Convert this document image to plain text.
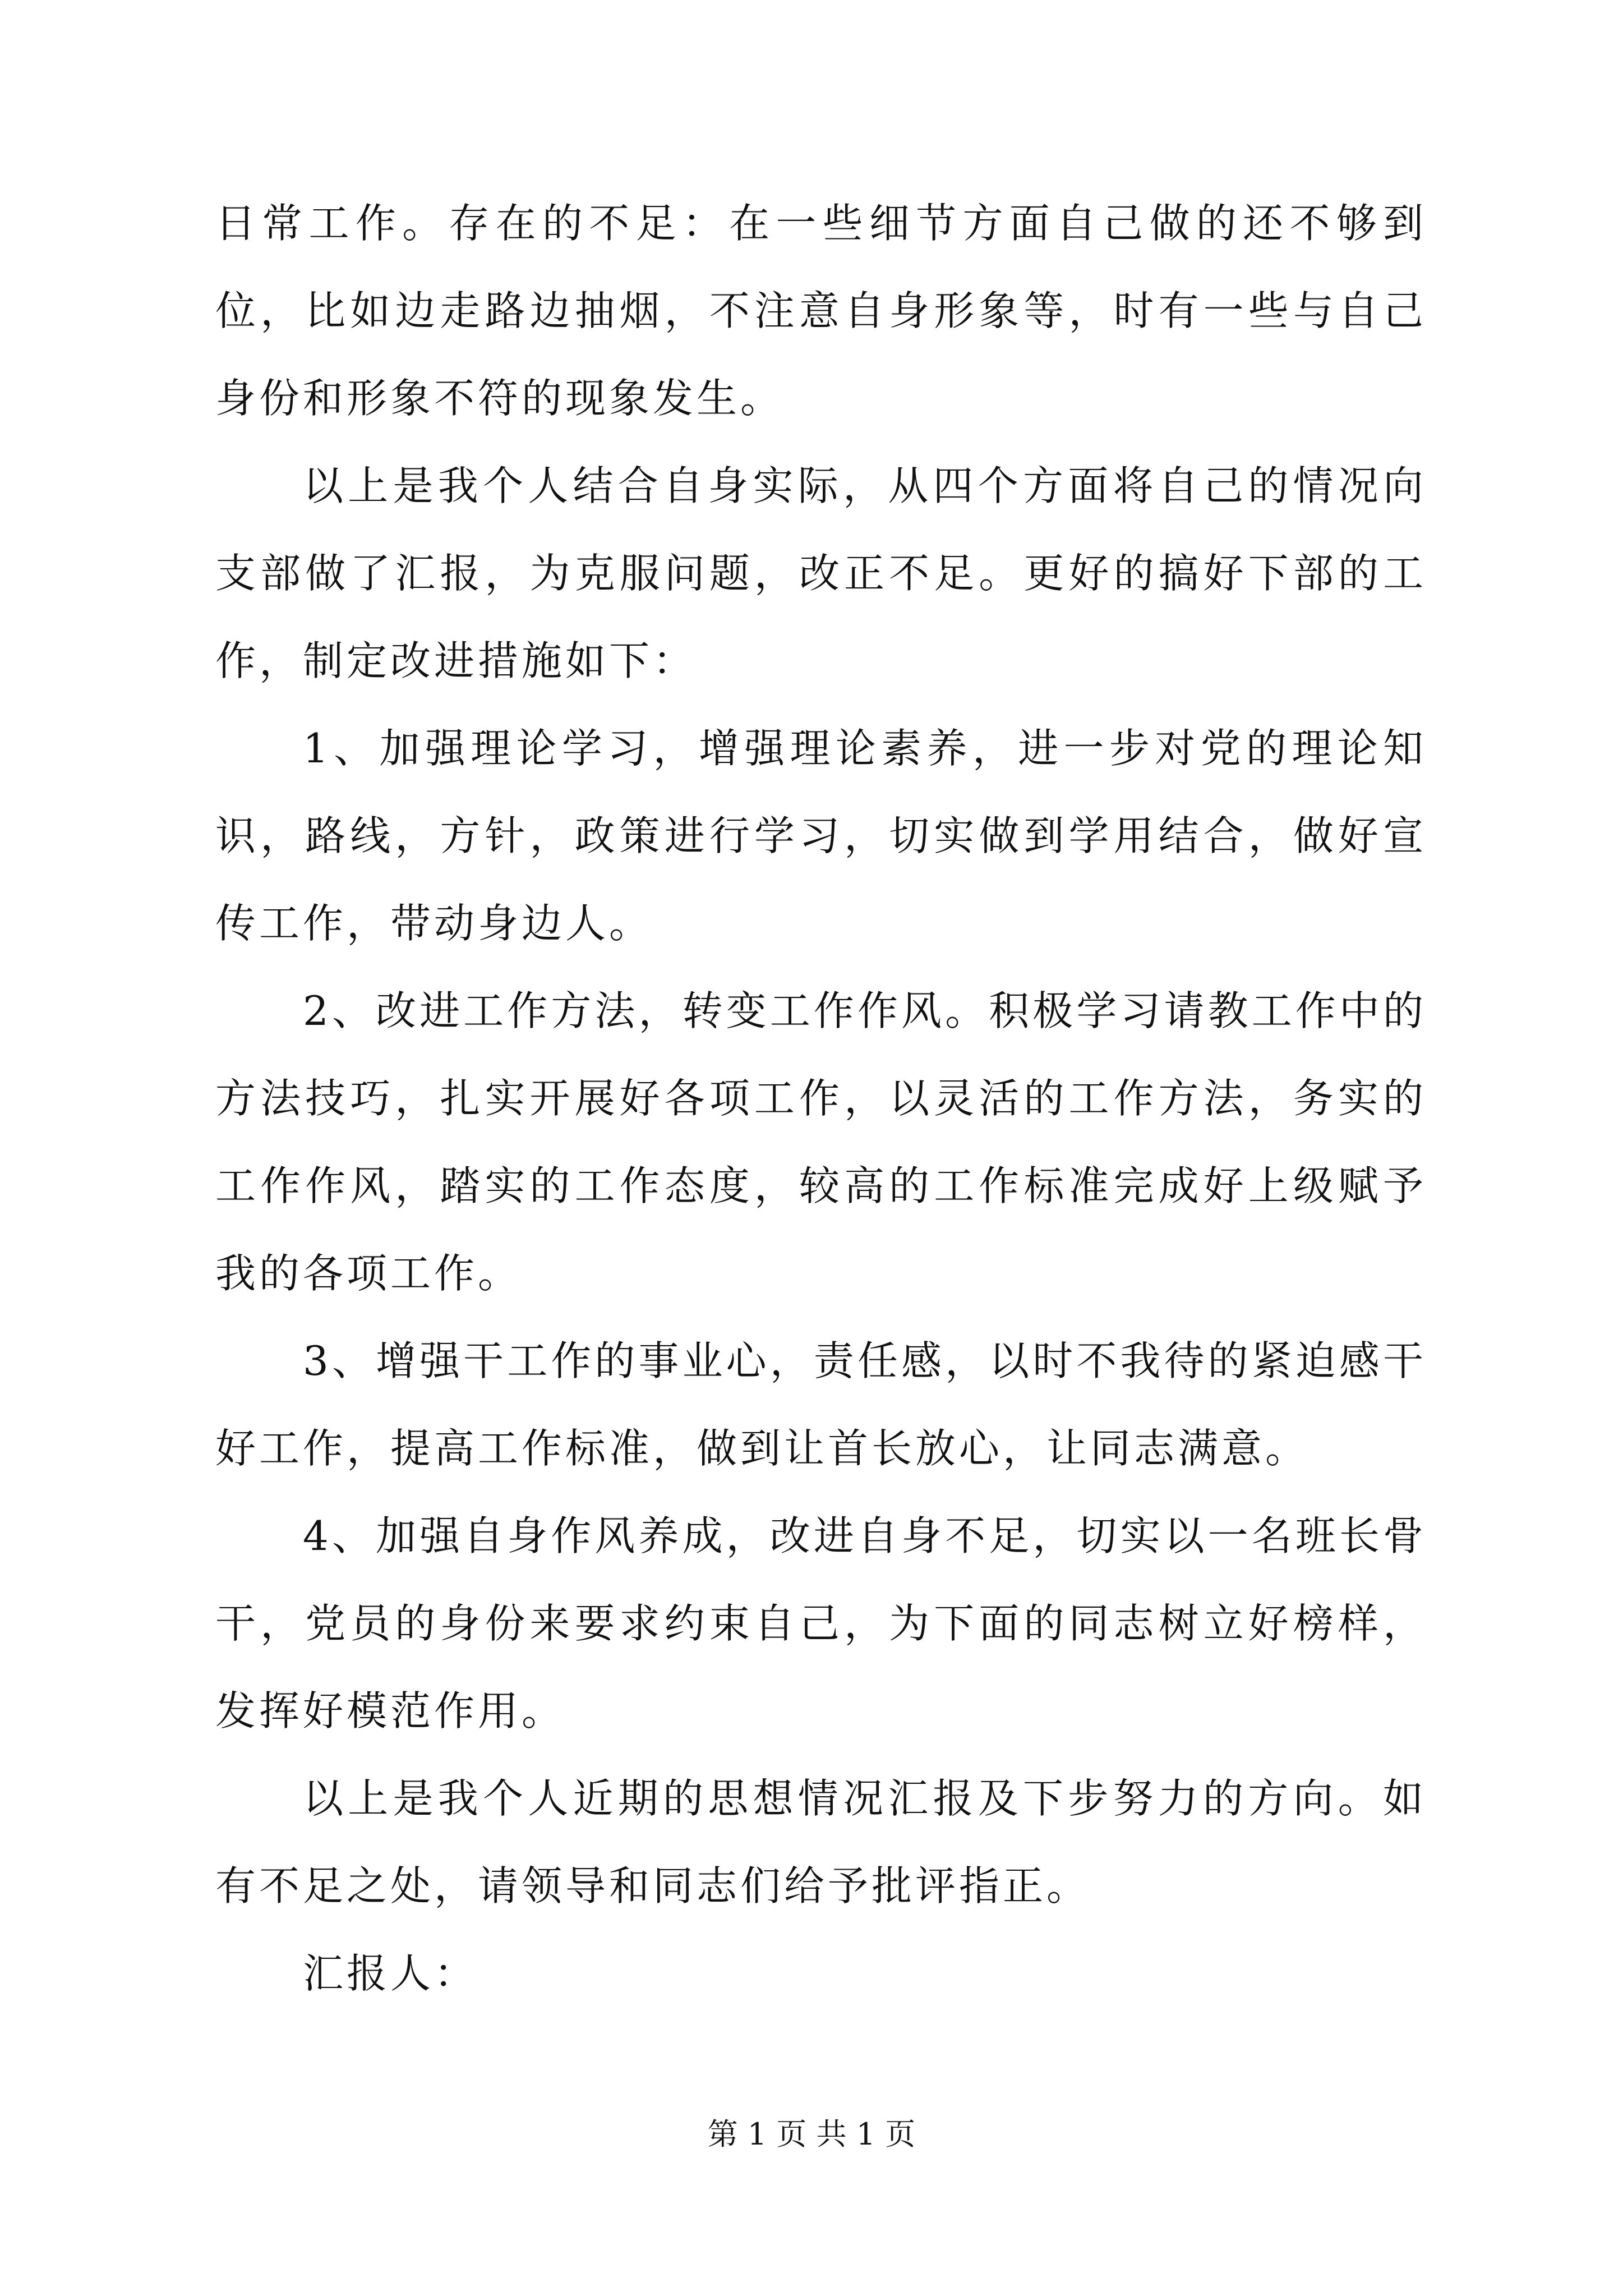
日常工作。存在的不足：在一些细节方面自己做的还不够到位，比如边走路边抽烟，不注意自身形象等，时有一些与自己身份和形象不符的现象发生。

以上是我个人结合自身实际，从四个方面将自己的情况向支部做了汇报，为克服问题，改正不足。更好的搞好下部的工作，制定改进措施如下：

1、加强理论学习，增强理论素养，进一步对党的理论知识，路线，方针，政策进行学习，切实做到学用结合，做好宣传工作，带动身边人。

2、改进工作方法，转变工作作风。积极学习请教工作中的方法技巧，扎实开展好各项工作，以灵活的工作方法，务实的工作作风，踏实的工作态度，较高的工作标准完成好上级赋予我的各项工作。

3、增强干工作的事业心，责任感，以时不我待的紧迫感干好工作，提高工作标准，做到让首长放心，让同志满意。

4、加强自身作风养成，改进自身不足，切实以一名班长骨干，党员的身份来要求约束自己，为下面的同志树立好榜样，发挥好模范作用。

以上是我个人近期的思想情况汇报及下步努力的方向。如有不足之处，请领导和同志们给予批评指正。

汇报人：

第 1 页 共 1 页
